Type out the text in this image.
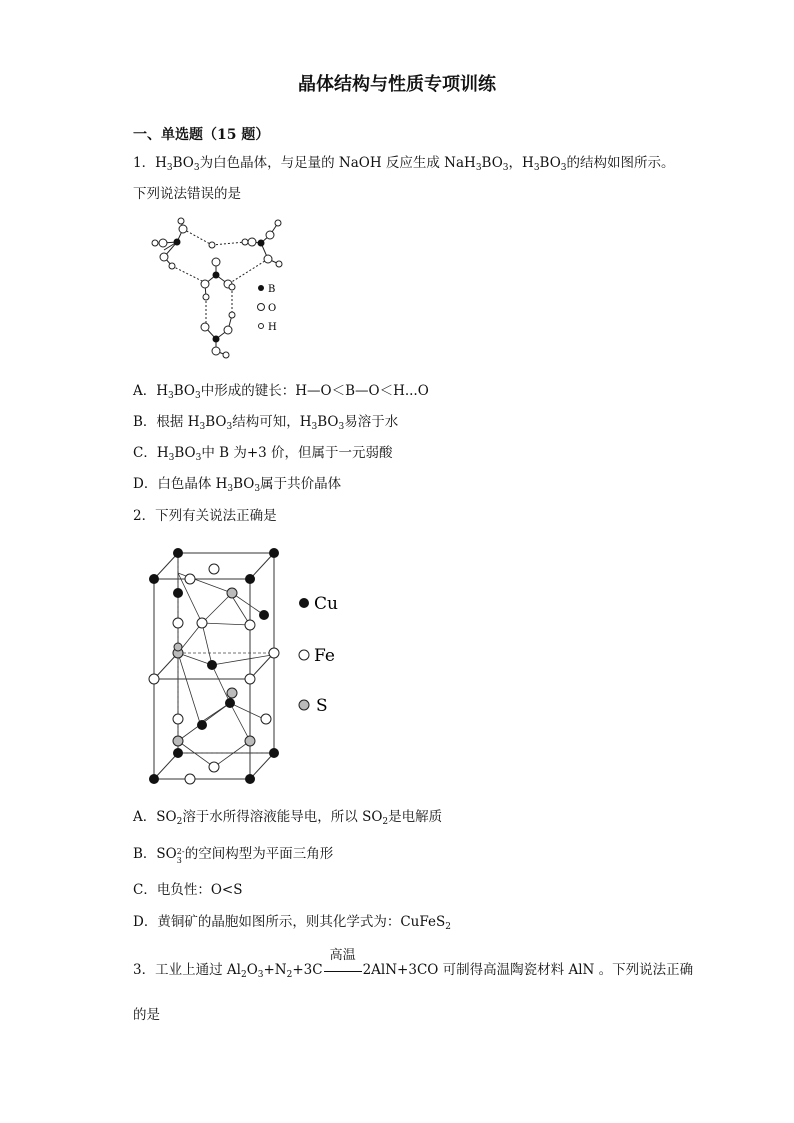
晶体结构与性质专项训练
一、单选题（15 题）
1．$H_3BO_3$为白色晶体，与足量的 NaOH 反应生成 $NaH_3BO_3$，$H_3BO_3$的结构如图所示。
下列说法错误的是
B
O
H
A．$H_3BO_3$中形成的键长：H—O＜B—O＜H...O
B．根据 $H_3BO_3$结构可知，$H_3BO_3$易溶于水
C．$H_3BO_3$中 B 为+3 价，但属于一元弱酸
D．白色晶体 $H_3BO_3$属于共价晶体
2．下列有关说法正确是
Cu
Fe
S
A．$SO_2$溶于水所得溶液能导电，所以 $SO_2$是电解质
B．SO 2-
3 的空间构型为平面三角形
C．电负性：O<S
D．黄铜矿的晶胞如图所示，则其化学式为：CuFeS$_2$
3．工业上通过 $Al_2O_3+N_2+3C$
高温
2AlN+3CO 可制得高温陶瓷材料 AlN 。下列说法正确
的是
